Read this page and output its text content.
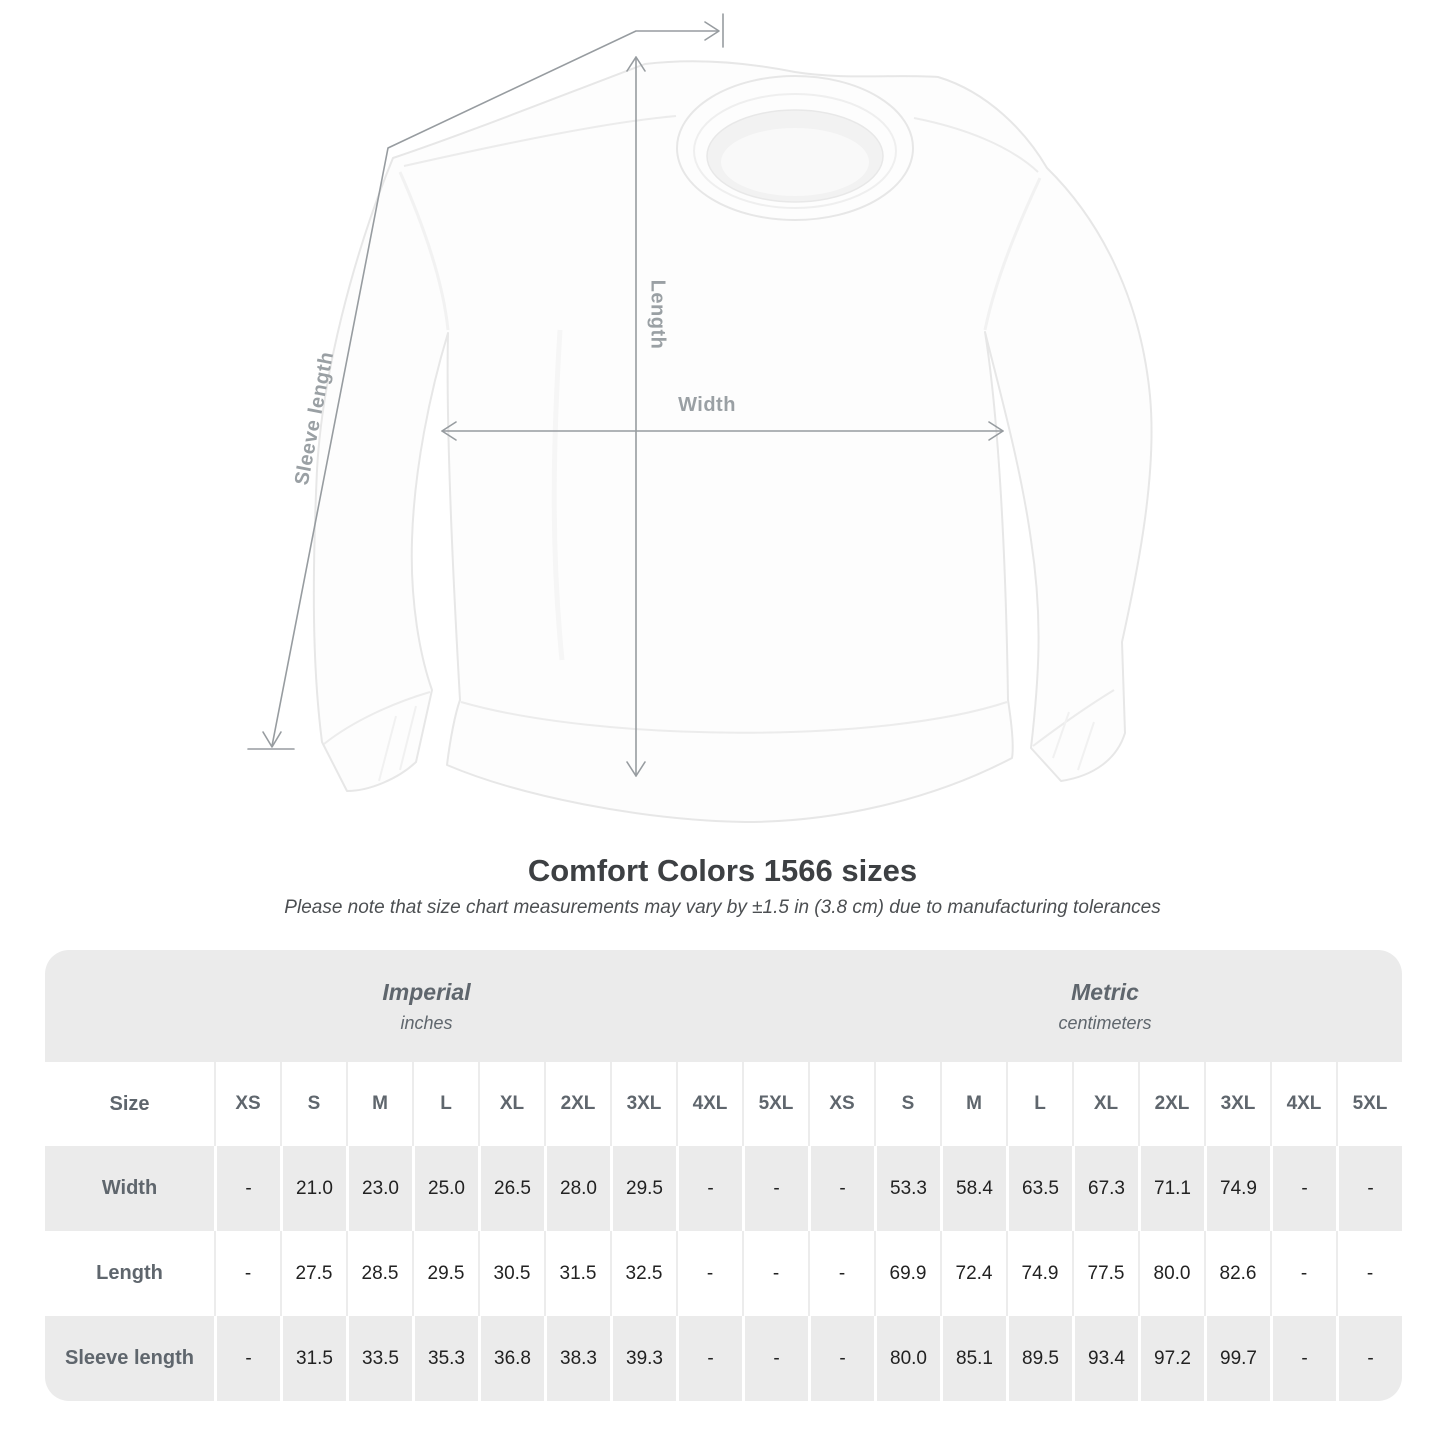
Sleeve length
Length
Width
Comfort Colors 1566 sizes

Please note that size chart measurements may vary by ±1.5 in (3.8 cm) due to manufacturing tolerances

Imperial
inches

Metric
centimeters

Size	XS	S	M	L	XL	2XL	3XL	4XL	5XL	XS	S	M	L	XL	2XL	3XL	4XL	5XL
Width	-	21.0	23.0	25.0	26.5	28.0	29.5	-	-	-	53.3	58.4	63.5	67.3	71.1	74.9	-	-
Length	-	27.5	28.5	29.5	30.5	31.5	32.5	-	-	-	69.9	72.4	74.9	77.5	80.0	82.6	-	-
Sleeve length	-	31.5	33.5	35.3	36.8	38.3	39.3	-	-	-	80.0	85.1	89.5	93.4	97.2	99.7	-	-
